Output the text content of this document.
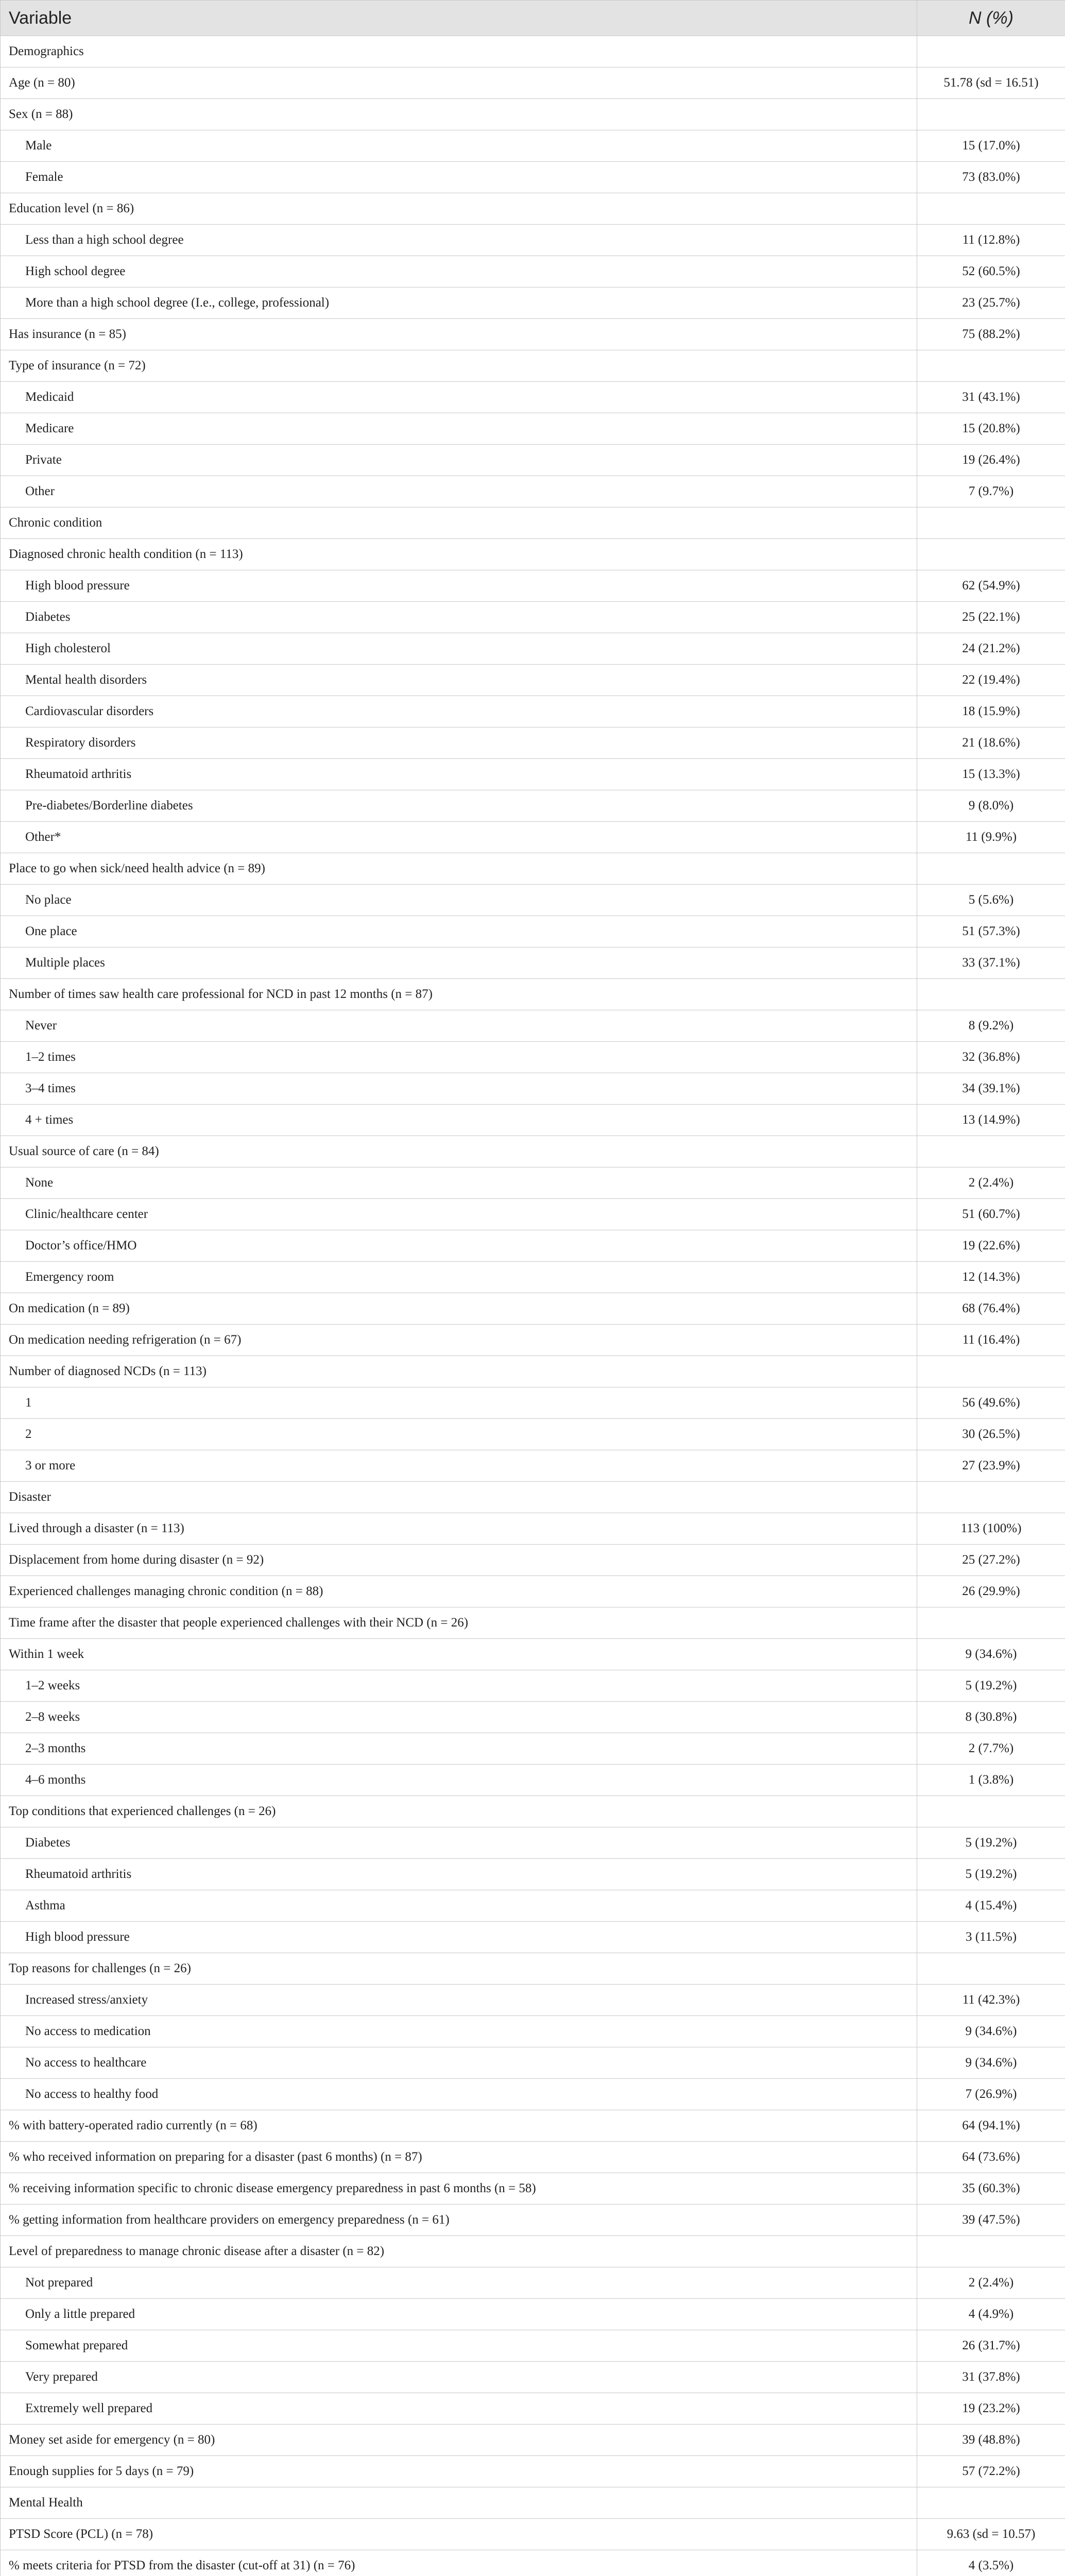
Variable	N (%)
Demographics	
Age (n = 80)	51.78 (sd = 16.51)
Sex (n = 88)	
Male	15 (17.0%)
Female	73 (83.0%)
Education level (n = 86)	
Less than a high school degree	11 (12.8%)
High school degree	52 (60.5%)
More than a high school degree (I.e., college, professional)	23 (25.7%)
Has insurance (n = 85)	75 (88.2%)
Type of insurance (n = 72)	
Medicaid	31 (43.1%)
Medicare	15 (20.8%)
Private	19 (26.4%)
Other	7 (9.7%)
Chronic condition	
Diagnosed chronic health condition (n = 113)	
High blood pressure	62 (54.9%)
Diabetes	25 (22.1%)
High cholesterol	24 (21.2%)
Mental health disorders	22 (19.4%)
Cardiovascular disorders	18 (15.9%)
Respiratory disorders	21 (18.6%)
Rheumatoid arthritis	15 (13.3%)
Pre-diabetes/Borderline diabetes	9 (8.0%)
Other*	11 (9.9%)
Place to go when sick/need health advice (n = 89)	
No place	5 (5.6%)
One place	51 (57.3%)
Multiple places	33 (37.1%)
Number of times saw health care professional for NCD in past 12 months (n = 87)	
Never	8 (9.2%)
1–2 times	32 (36.8%)
3–4 times	34 (39.1%)
4 + times	13 (14.9%)
Usual source of care (n = 84)	
None	2 (2.4%)
Clinic/healthcare center	51 (60.7%)
Doctor’s office/HMO	19 (22.6%)
Emergency room	12 (14.3%)
On medication (n = 89)	68 (76.4%)
On medication needing refrigeration (n = 67)	11 (16.4%)
Number of diagnosed NCDs (n = 113)	
1	56 (49.6%)
2	30 (26.5%)
3 or more	27 (23.9%)
Disaster	
Lived through a disaster (n = 113)	113 (100%)
Displacement from home during disaster (n = 92)	25 (27.2%)
Experienced challenges managing chronic condition (n = 88)	26 (29.9%)
Time frame after the disaster that people experienced challenges with their NCD (n = 26)	
Within 1 week	9 (34.6%)
1–2 weeks	5 (19.2%)
2–8 weeks	8 (30.8%)
2–3 months	2 (7.7%)
4–6 months	1 (3.8%)
Top conditions that experienced challenges (n = 26)	
Diabetes	5 (19.2%)
Rheumatoid arthritis	5 (19.2%)
Asthma	4 (15.4%)
High blood pressure	3 (11.5%)
Top reasons for challenges (n = 26)	
Increased stress/anxiety	11 (42.3%)
No access to medication	9 (34.6%)
No access to healthcare	9 (34.6%)
No access to healthy food	7 (26.9%)
% with battery-operated radio currently (n = 68)	64 (94.1%)
% who received information on preparing for a disaster (past 6 months) (n = 87)	64 (73.6%)
% receiving information specific to chronic disease emergency preparedness in past 6 months (n = 58)	35 (60.3%)
% getting information from healthcare providers on emergency preparedness (n = 61)	39 (47.5%)
Level of preparedness to manage chronic disease after a disaster (n = 82)	
Not prepared	2 (2.4%)
Only a little prepared	4 (4.9%)
Somewhat prepared	26 (31.7%)
Very prepared	31 (37.8%)
Extremely well prepared	19 (23.2%)
Money set aside for emergency (n = 80)	39 (48.8%)
Enough supplies for 5 days (n = 79)	57 (72.2%)
Mental Health	
PTSD Score (PCL) (n = 78)	9.63 (sd = 10.57)
% meets criteria for PTSD from the disaster (cut-off at 31) (n = 76)	4 (3.5%)
